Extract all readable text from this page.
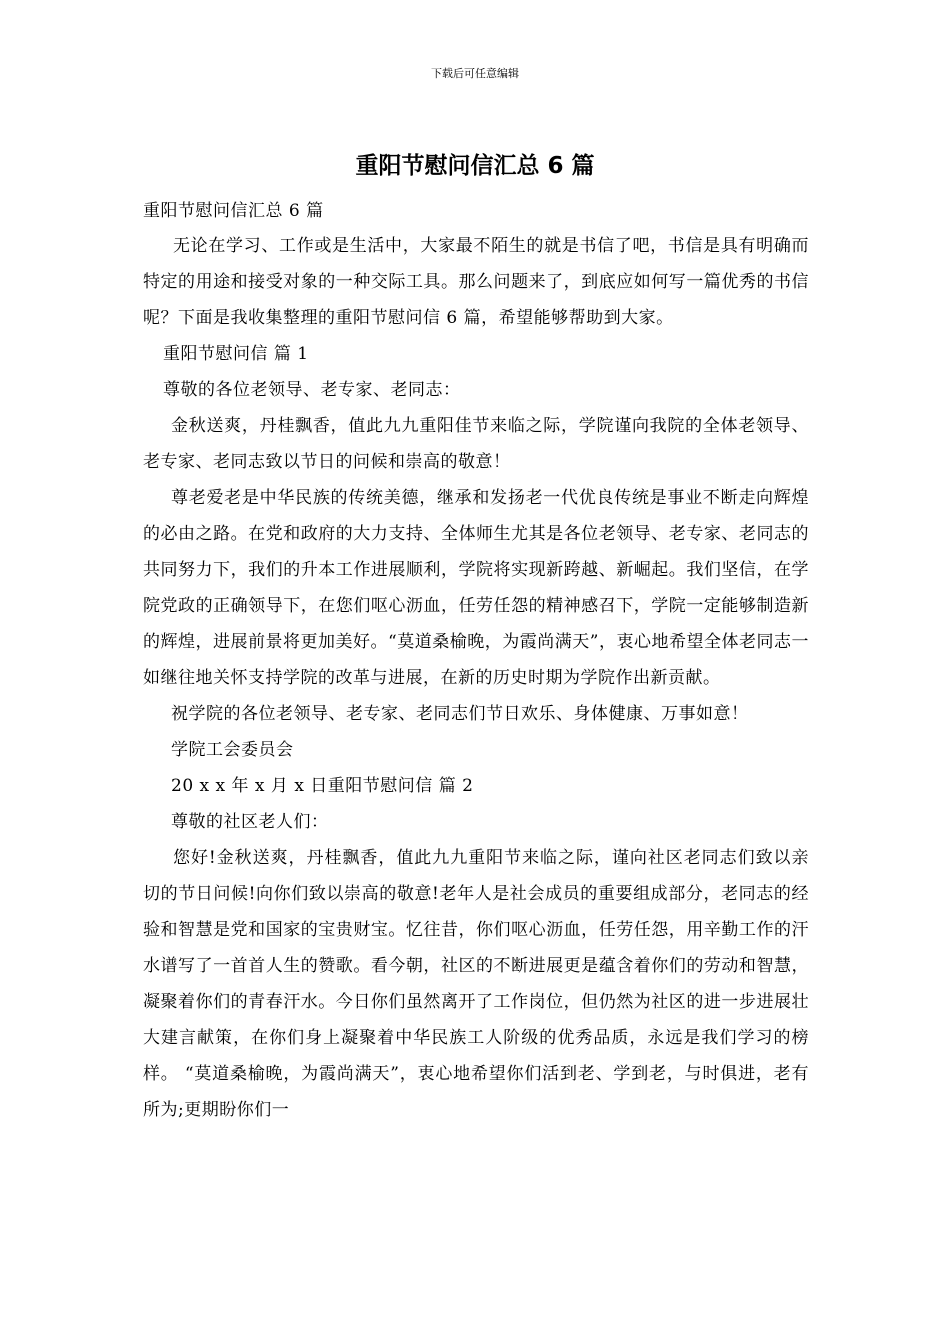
下载后可任意编辑
重阳节慰问信汇总 6 篇

重阳节慰问信汇总 6 篇

无论在学习、工作或是生活中，大家最不陌生的就是书信了吧，书信是具有明确而特定的用途和接受对象的一种交际工具。那么问题来了，到底应如何写一篇优秀的书信呢？下面是我收集整理的重阳节慰问信 6 篇，希望能够帮助到大家。

重阳节慰问信 篇 1

尊敬的各位老领导、老专家、老同志：

金秋送爽，丹桂飘香，值此九九重阳佳节来临之际，学院谨向我院的全体老领导、老专家、老同志致以节日的问候和崇高的敬意！

尊老爱老是中华民族的传统美德，继承和发扬老一代优良传统是事业不断走向辉煌的必由之路。在党和政府的大力支持、全体师生尤其是各位老领导、老专家、老同志的共同努力下，我们的升本工作进展顺利，学院将实现新跨越、新崛起。我们坚信，在学院党政的正确领导下，在您们呕心沥血，任劳任怨的精神感召下，学院一定能够制造新的辉煌，进展前景将更加美好。“莫道桑榆晚，为霞尚满天”，衷心地希望全体老同志一如继往地关怀支持学院的改革与进展，在新的历史时期为学院作出新贡献。

祝学院的各位老领导、老专家、老同志们节日欢乐、身体健康、万事如意！

学院工会委员会

20 x x 年 x 月 x 日重阳节慰问信 篇 2

尊敬的社区老人们：

您好!金秋送爽，丹桂飘香，值此九九重阳节来临之际，谨向社区老同志们致以亲切的节日问候!向你们致以崇高的敬意!老年人是社会成员的重要组成部分，老同志的经验和智慧是党和国家的宝贵财宝。忆往昔，你们呕心沥血，任劳任怨，用辛勤工作的汗水谱写了一首首人生的赞歌。看今朝，社区的不断进展更是蕴含着你们的劳动和智慧，凝聚着你们的青春汗水。今日你们虽然离开了工作岗位，但仍然为社区的进一步进展壮大建言献策，在你们身上凝聚着中华民族工人阶级的优秀品质，永远是我们学习的榜样。 “莫道桑榆晚，为霞尚满天”，衷心地希望你们活到老、学到老，与时俱进，老有所为;更期盼你们一
